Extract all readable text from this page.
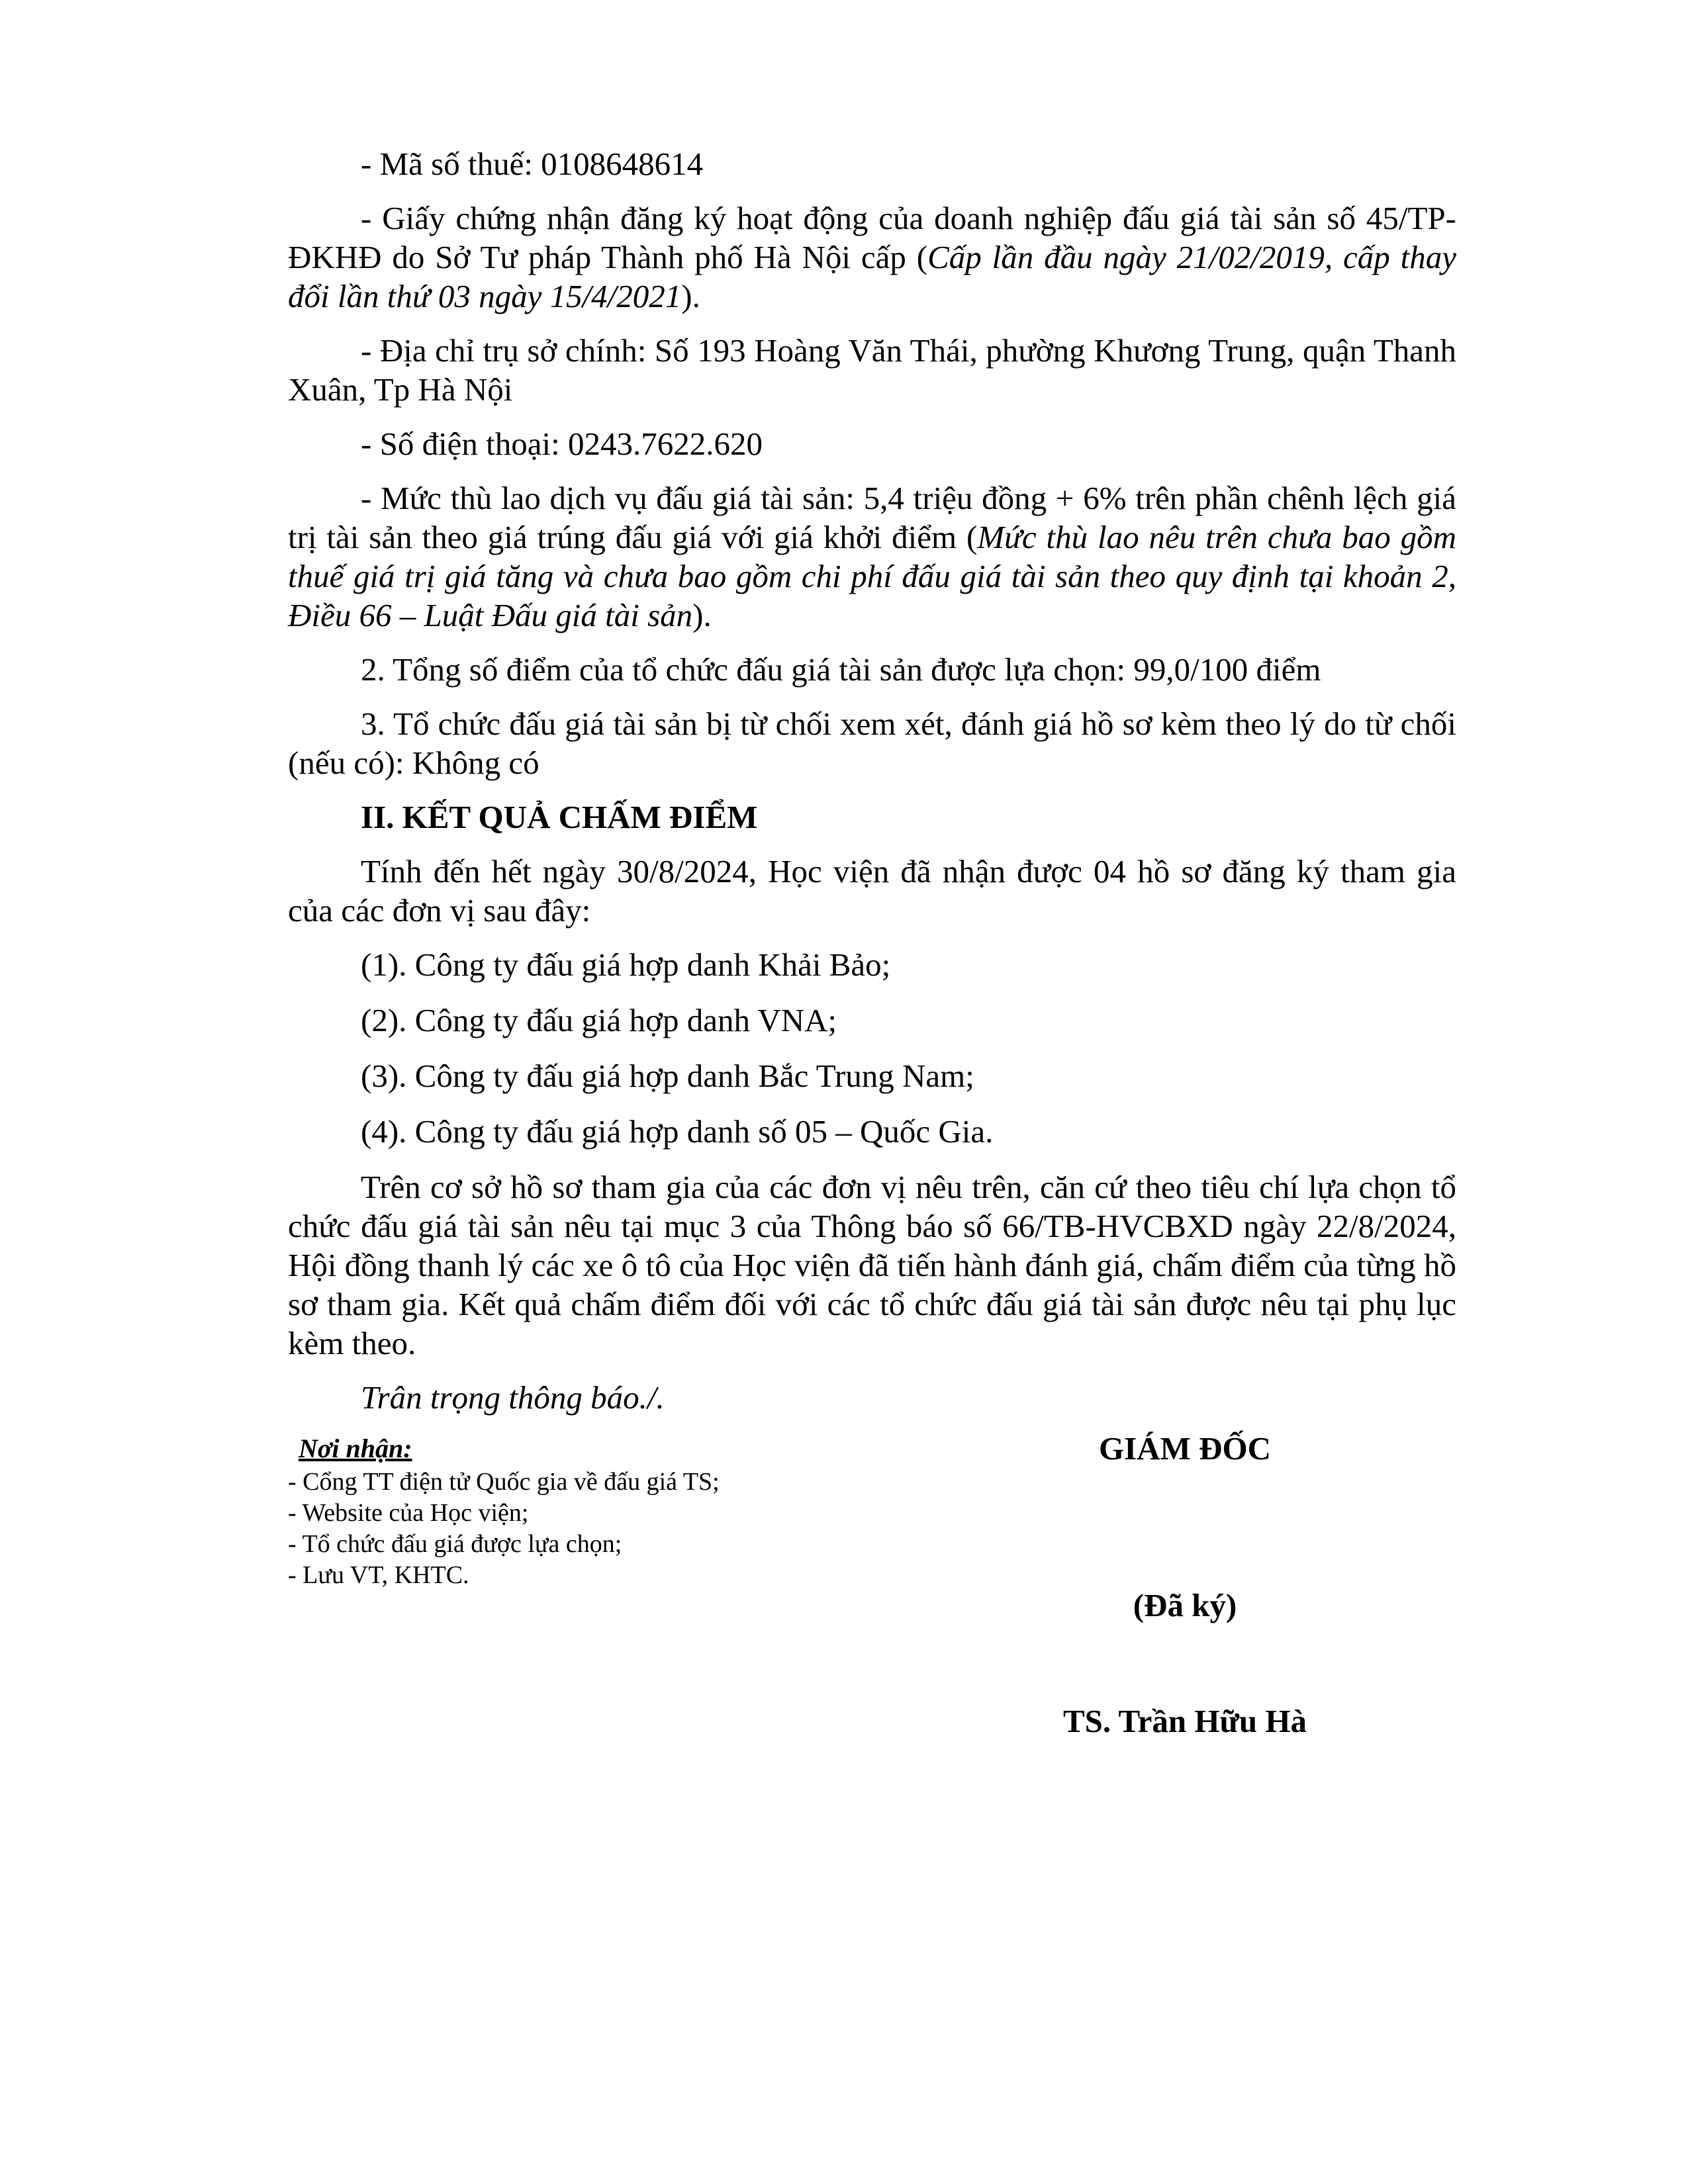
- Mã số thuế: 0108648614

- Giấy chứng nhận đăng ký hoạt động của doanh nghiệp đấu giá tài sản số 45/TP-ĐKHĐ do Sở Tư pháp Thành phố Hà Nội cấp (Cấp lần đầu ngày 21/02/2019, cấp thay đổi lần thứ 03 ngày 15/4/2021).

- Địa chỉ trụ sở chính: Số 193 Hoàng Văn Thái, phường Khương Trung, quận Thanh Xuân, Tp Hà Nội

- Số điện thoại: 0243.7622.620

- Mức thù lao dịch vụ đấu giá tài sản: 5,4 triệu đồng + 6% trên phần chênh lệch giá trị tài sản theo giá trúng đấu giá với giá khởi điểm (Mức thù lao nêu trên chưa bao gồm thuế giá trị giá tăng và chưa bao gồm chi phí đấu giá tài sản theo quy định tại khoản 2, Điều 66 – Luật Đấu giá tài sản).

2. Tổng số điểm của tổ chức đấu giá tài sản được lựa chọn: 99,0/100 điểm

3. Tổ chức đấu giá tài sản bị từ chối xem xét, đánh giá hồ sơ kèm theo lý do từ chối (nếu có): Không có

II. KẾT QUẢ CHẤM ĐIỂM

Tính đến hết ngày 30/8/2024, Học viện đã nhận được 04 hồ sơ đăng ký tham gia của các đơn vị sau đây:

(1). Công ty đấu giá hợp danh Khải Bảo;

(2). Công ty đấu giá hợp danh VNA;

(3). Công ty đấu giá hợp danh Bắc Trung Nam;

(4). Công ty đấu giá hợp danh số 05 – Quốc Gia.

Trên cơ sở hồ sơ tham gia của các đơn vị nêu trên, căn cứ theo tiêu chí lựa chọn tổ chức đấu giá tài sản nêu tại mục 3 của Thông báo số 66/TB-HVCBXD ngày 22/8/2024, Hội đồng thanh lý các xe ô tô của Học viện đã tiến hành đánh giá, chấm điểm của từng hồ sơ tham gia. Kết quả chấm điểm đối với các tổ chức đấu giá tài sản được nêu tại phụ lục kèm theo.

Trân trọng thông báo./.

Nơi nhận:
- Cổng TT điện tử Quốc gia về đấu giá TS;
- Website của Học viện;
- Tổ chức đấu giá được lựa chọn;
- Lưu VT, KHTC.
GIÁM ĐỐC
(Đã ký)
TS. Trần Hữu Hà
